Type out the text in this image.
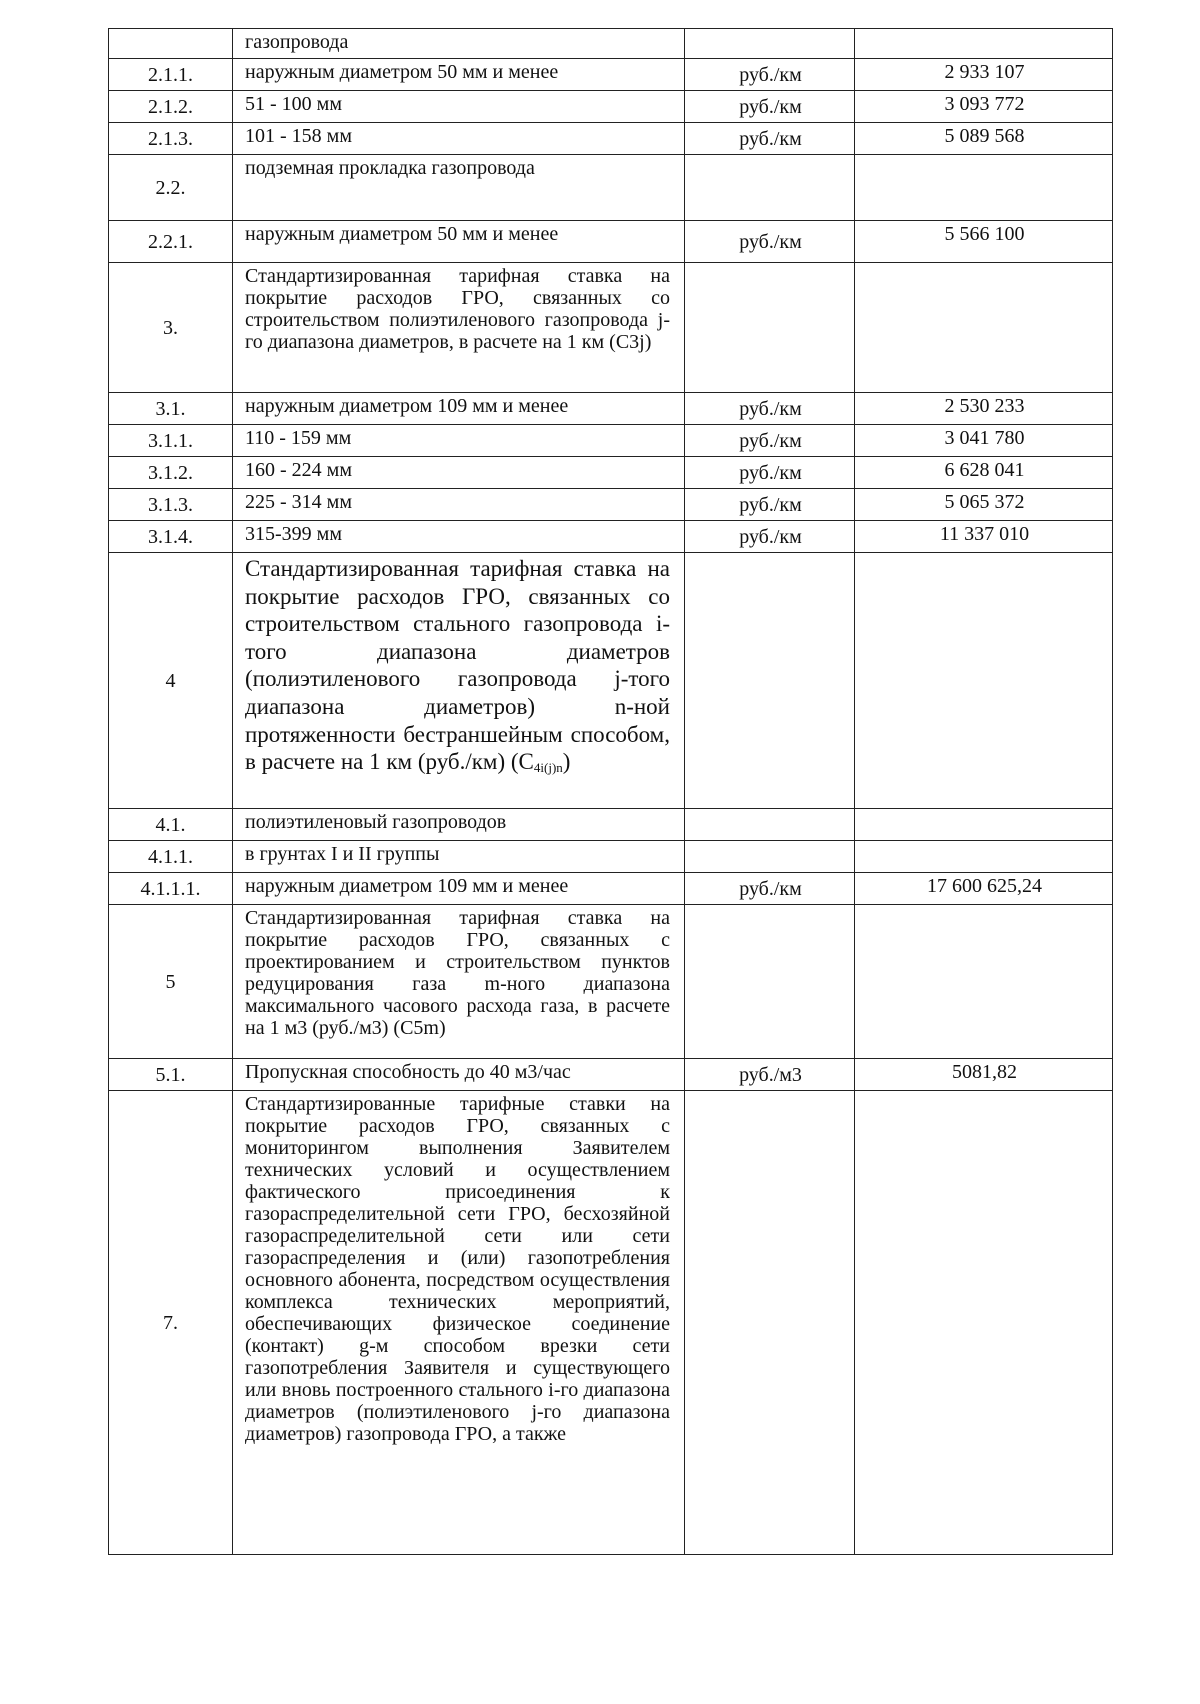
	газопровода		
2.1.1.	наружным диаметром 50 мм и менее	руб./км	2 933 107
2.1.2.	51 - 100 мм	руб./км	3 093 772
2.1.3.	101 - 158 мм	руб./км	5 089 568
2.2.	подземная прокладка газопровода		
2.2.1.	наружным диаметром 50 мм и менее	руб./км	5 566 100
3.	Стандартизированная тарифная ставка на покрытие расходов ГРО, связанных со строительством полиэтиленового газопровода j-го диапазона диаметров, в расчете на 1 км (С3j)		
3.1.	наружным диаметром 109 мм и менее	руб./км	2 530 233
3.1.1.	110 - 159 мм	руб./км	3 041 780
3.1.2.	160 - 224 мм	руб./км	6 628 041
3.1.3.	225 - 314 мм	руб./км	5 065 372
3.1.4.	315-399 мм	руб./км	11 337 010
4	Стандартизированная тарифная ставка на покрытие расходов ГРО, связанных со строительством стального газопровода i-того диапазона диаметров (полиэтиленового газопровода j-того диапазона диаметров) n-ной протяженности бестраншейным способом, в расчете на 1 км (руб./км) $(С_{4i(j)n})$		
4.1.	полиэтиленовый газопроводов		
4.1.1.	в грунтах I и II группы		
4.1.1.1.	наружным диаметром 109 мм и менее	руб./км	17 600 625,24
5	Стандартизированная тарифная ставка на покрытие расходов ГРО, связанных с проектированием и строительством пунктов редуцирования газа m-ного диапазона максимального часового расхода газа, в расчете на 1 м3 (руб./м3) (С5m)		
5.1.	Пропускная способность до 40 м3/час	руб./м3	5081,82
7.	Стандартизированные тарифные ставки на покрытие расходов ГРО, связанных с мониторингом выполнения Заявителем технических условий и осуществлением фактического присоединения к газораспределительной сети ГРО, бесхозяйной газораспределительной сети или сети газораспределения и (или) газопотребления основного абонента, посредством осуществления комплекса технических мероприятий, обеспечивающих физическое соединение (контакт) g-м способом врезки сети газопотребления Заявителя и существующего или вновь построенного стального i-го диапазона диаметров (полиэтиленового j-го диапазона диаметров) газопровода ГРО, а также		
